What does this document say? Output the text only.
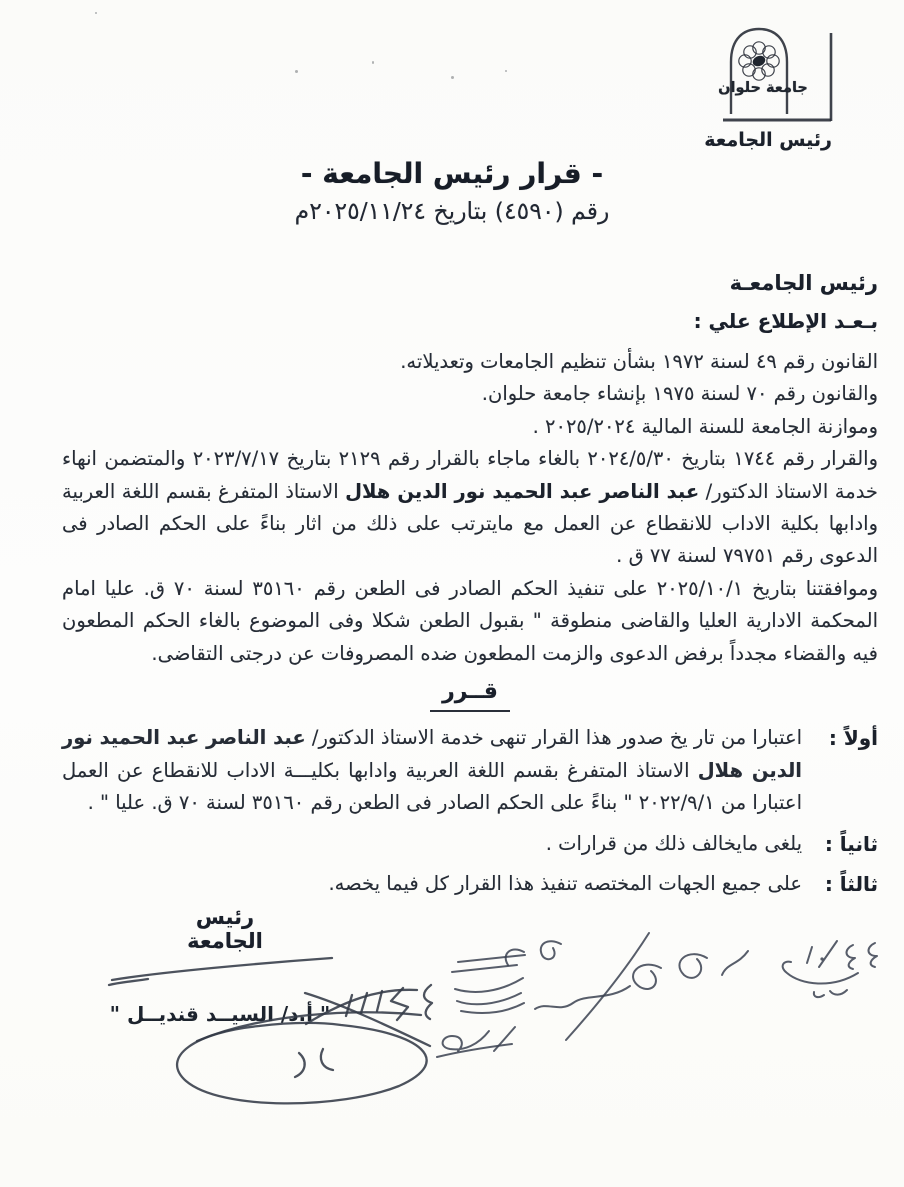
جامعة حلوان
رئيس الجامعة
- قرار رئيس الجامعة -
رقم (٤٥٩٠) بتاريخ ٢٠٢٥/١١/٢٤م
رئيس الجامعـة
بـعـد الإطلاع علي :
القانون رقم ٤٩ لسنة ١٩٧٢ بشأن تنظيم الجامعات وتعديلاته.
والقانون رقم ٧٠ لسنة ١٩٧٥ بإنشاء جامعة حلوان.
وموازنة الجامعة للسنة المالية ٢٠٢٥/٢٠٢٤ .

والقرار رقم ١٧٤٤ بتاريخ ٢٠٢٤/٥/٣٠ بالغاء ماجاء بالقرار رقم ٢١٢٩ بتاريخ ٢٠٢٣/٧/١٧ والمتضمن انهاء خدمة الاستاذ الدكتور/ عبد الناصر عبد الحميد نور الدين هلال الاستاذ المتفرغ بقسم اللغة العربية وادابها بكلية الاداب للانقطاع عن العمل مع مايترتب على ذلك من اثار بناءً على الحكم الصادر فى الدعوى رقم ٧٩٧٥١ لسنة ٧٧ ق .

وموافقتنا بتاريخ ٢٠٢٥/١٠/١ على تنفيذ الحكم الصادر فى الطعن رقم ٣٥١٦٠ لسنة ٧٠ ق. عليا امام المحكمة الادارية العليا والقاضى منطوقة " بقبول الطعن شكلا وفى الموضوع بالغاء الحكم المطعون فيه والقضاء مجدداً برفض الدعوى والزمت المطعون ضده المصروفات عن درجتى التقاضى.

قــرر
أولاً :
اعتبارا من تار يخ صدور هذا القرار تنهى خدمة الاستاذ الدكتور/ عبد الناصر عبد الحميد نور الدين هلال الاستاذ المتفرغ بقسم اللغة العربية وادابها بكليـــة الاداب للانقطاع عن العمل اعتبارا من ٢٠٢٢/٩/١ " بناءً على الحكم الصادر فى الطعن رقم ٣٥١٦٠ لسنة ٧٠ ق. عليا " .
ثانياً :
يلغى مايخالف ذلك من قرارات .
ثالثاً :
على جميع الجهات المختصه تنفيذ هذا القرار كل فيما يخصه.
رئيس الجامعة
" أ.د/ السيــد قنديــل "
